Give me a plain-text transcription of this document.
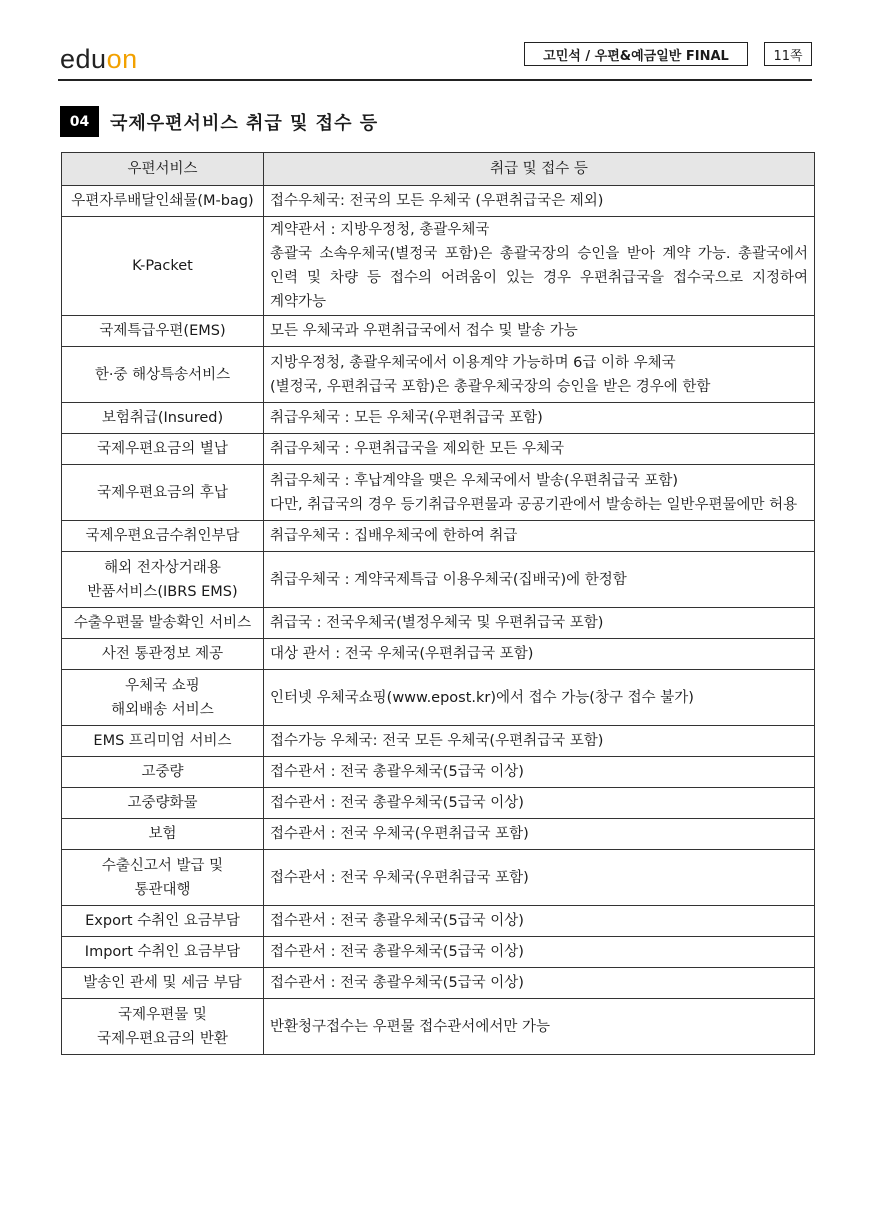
eduon	고민석 / 우편&예금일반 FINAL	11쪽
04	국제우편서비스 취급 및 접수 등
우편서비스	취급 및 접수 등

우편자루배달인쇄물(M-bag)	접수우체국: 전국의 모든 우체국 (우편취급국은 제외)

K-Packet	계약관서 : 지방우정청, 총괄우체국
총괄국 소속우체국(별정국 포함)은 총괄국장의 승인을 받아 계약 가능. 총괄국에서 인력 및 차량 등 접수의 어려움이 있는 경우 우편취급국을 접수국으로 지정하여 계약가능

국제특급우편(EMS)	모든 우체국과 우편취급국에서 접수 및 발송 가능

한·중 해상특송서비스	지방우정청, 총괄우체국에서 이용계약 가능하며 6급 이하 우체국
(별정국, 우편취급국 포함)은 총괄우체국장의 승인을 받은 경우에 한함

보험취급(Insured)	취급우체국 : 모든 우체국(우편취급국 포함)

국제우편요금의 별납	취급우체국 : 우편취급국을 제외한 모든 우체국

국제우편요금의 후납	취급우체국 : 후납계약을 맺은 우체국에서 발송(우편취급국 포함)
다만, 취급국의 경우 등기취급우편물과 공공기관에서 발송하는 일반우편물에만 허용

국제우편요금수취인부담	취급우체국 : 집배우체국에 한하여 취급

해외 전자상거래용
반품서비스(IBRS EMS)	취급우체국 : 계약국제특급 이용우체국(집배국)에 한정함

수출우편물 발송확인 서비스	취급국 : 전국우체국(별정우체국 및 우편취급국 포함)

사전 통관정보 제공	대상 관서 : 전국 우체국(우편취급국 포함)

우체국 쇼핑
해외배송 서비스	인터넷 우체국쇼핑(www.epost.kr)에서 접수 가능(창구 접수 불가)

EMS 프리미엄 서비스	접수가능 우체국: 전국 모든 우체국(우편취급국 포함)

고중량	접수관서 : 전국 총괄우체국(5급국 이상)

고중량화물	접수관서 : 전국 총괄우체국(5급국 이상)

보험	접수관서 : 전국 우체국(우편취급국 포함)

수출신고서 발급 및
통관대행	접수관서 : 전국 우체국(우편취급국 포함)

Export 수취인 요금부담	접수관서 : 전국 총괄우체국(5급국 이상)

Import 수취인 요금부담	접수관서 : 전국 총괄우체국(5급국 이상)

발송인 관세 및 세금 부담	접수관서 : 전국 총괄우체국(5급국 이상)

국제우편물 및
국제우편요금의 반환	반환청구접수는 우편물 접수관서에서만 가능
